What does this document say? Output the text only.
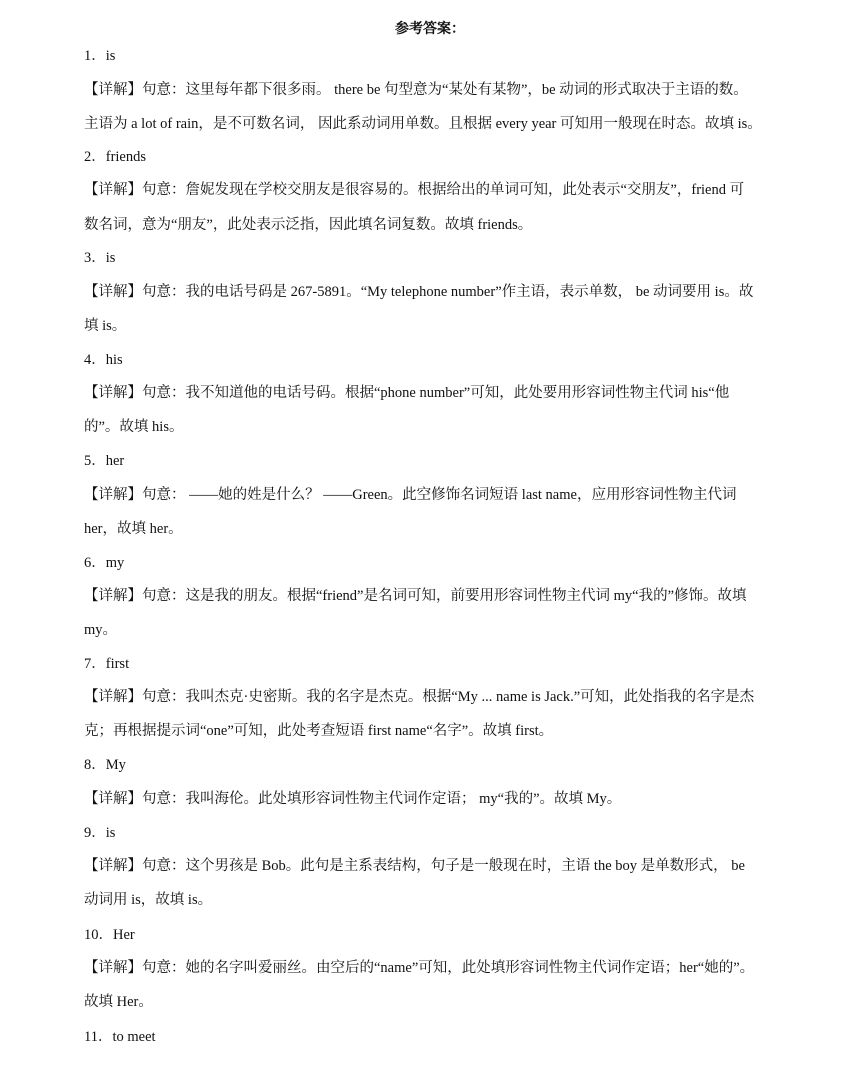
参考答案：
1．is
【详解】句意：这里每年都下很多雨。 there be 句型意为“某处有某物”，be 动词的形式取决于主语的数。
主语为 a lot of rain，是不可数名词， 因此系动词用单数。且根据 every year 可知用一般现在时态。故填 is。
2．friends
【详解】句意：詹妮发现在学校交朋友是很容易的。根据给出的单词可知，此处表示“交朋友”，friend 可
数名词，意为“朋友”，此处表示泛指，因此填名词复数。故填 friends。
3．is
【详解】句意：我的电话号码是 267-5891。“My telephone number”作主语，表示单数， be 动词要用 is。故
填 is。
4．his
【详解】句意：我不知道他的电话号码。根据“phone number”可知，此处要用形容词性物主代词 his“他
的”。故填 his。
5．her
【详解】句意： ——她的姓是什么？ ——Green。此空修饰名词短语 last name，应用形容词性物主代词
her，故填 her。
6．my
【详解】句意：这是我的朋友。根据“friend”是名词可知，前要用形容词性物主代词 my“我的”修饰。故填
my。
7．first
【详解】句意：我叫杰克·史密斯。我的名字是杰克。根据“My ... name is Jack.”可知，此处指我的名字是杰
克；再根据提示词“one”可知，此处考查短语 first name“名字”。故填 first。
8．My
【详解】句意：我叫海伦。此处填形容词性物主代词作定语； my“我的”。故填 My。
9．is
【详解】句意：这个男孩是 Bob。此句是主系表结构，句子是一般现在时，主语 the boy 是单数形式， be
动词用 is，故填 is。
10．Her
【详解】句意：她的名字叫爱丽丝。由空后的“name”可知，此处填形容词性物主代词作定语；her“她的”。
故填 Her。
11．to meet
